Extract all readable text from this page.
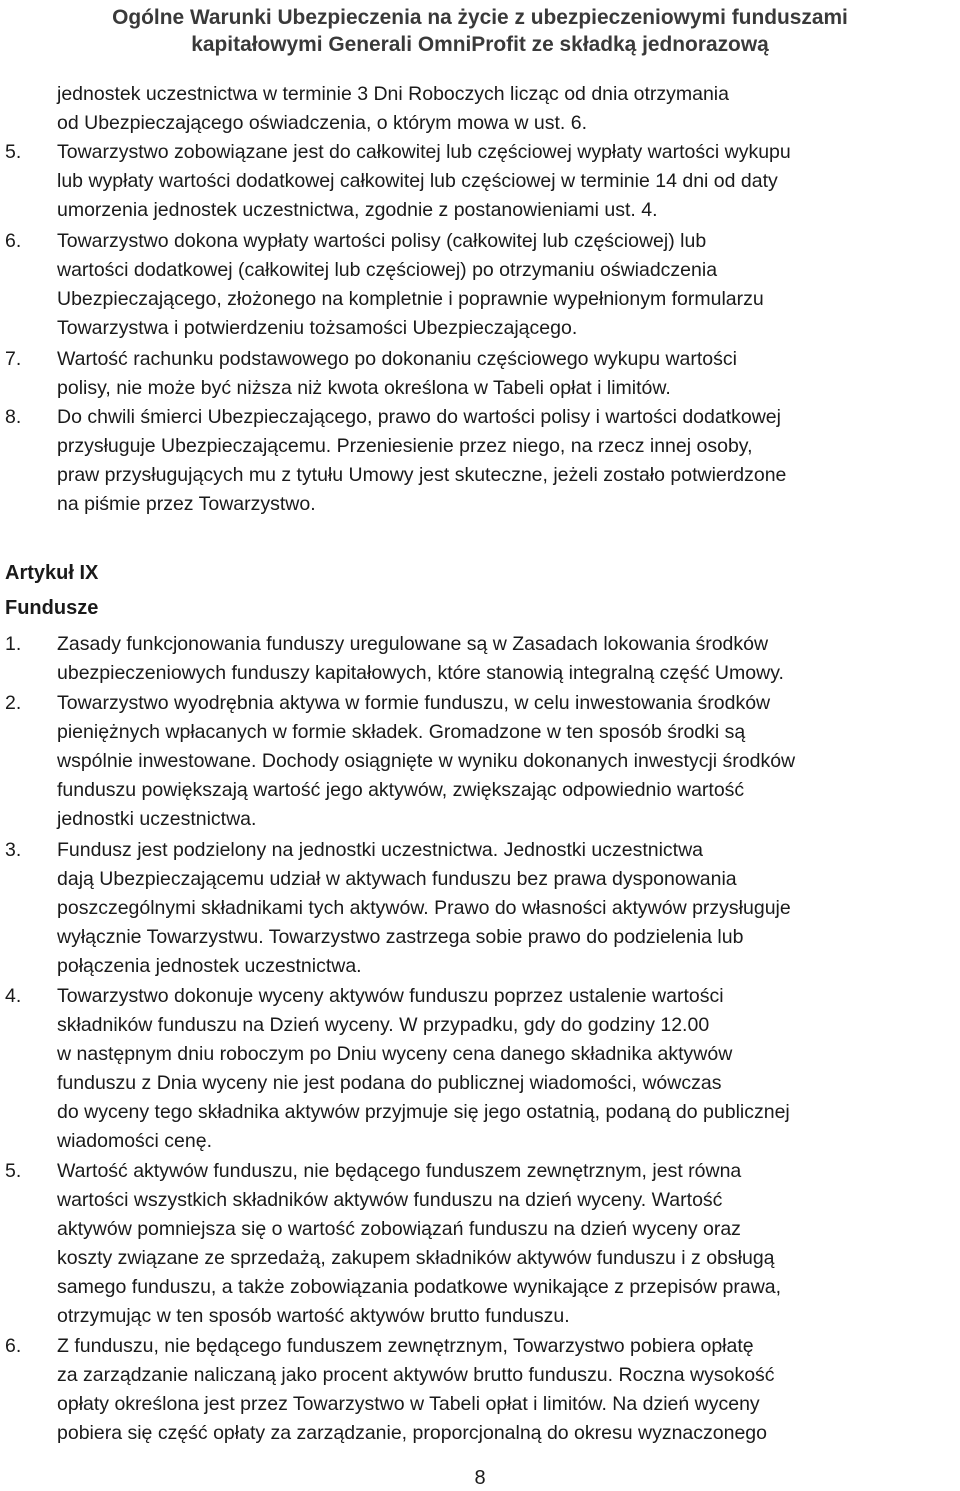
Ogólne Warunki Ubezpieczenia na życie z ubezpieczeniowymi funduszami
kapitałowymi Generali OmniProfit ze składką jednorazową
jednostek uczestnictwa w terminie 3 Dni Roboczych licząc od dnia otrzymania
od Ubezpieczającego oświadczenia, o którym mowa w ust. 6.
5. Towarzystwo zobowiązane jest do całkowitej lub częściowej wypłaty wartości wykupu
lub wypłaty wartości dodatkowej całkowitej lub częściowej w terminie 14 dni od daty
umorzenia jednostek uczestnictwa, zgodnie z postanowieniami ust. 4.
6. Towarzystwo dokona wypłaty wartości polisy (całkowitej lub częściowej) lub
wartości dodatkowej (całkowitej lub częściowej) po otrzymaniu oświadczenia
Ubezpieczającego, złożonego na kompletnie i poprawnie wypełnionym formularzu
Towarzystwa i potwierdzeniu tożsamości Ubezpieczającego.
7. Wartość rachunku podstawowego po dokonaniu częściowego wykupu wartości
polisy, nie może być niższa niż kwota określona w Tabeli opłat i limitów.
8. Do chwili śmierci Ubezpieczającego, prawo do wartości polisy i wartości dodatkowej
przysługuje Ubezpieczającemu. Przeniesienie przez niego, na rzecz innej osoby,
praw przysługujących mu z tytułu Umowy jest skuteczne, jeżeli zostało potwierdzone
na piśmie przez Towarzystwo.
Artykuł IX
Fundusze
1. Zasady funkcjonowania funduszy uregulowane są w Zasadach lokowania środków
ubezpieczeniowych funduszy kapitałowych, które stanowią integralną część Umowy.
2. Towarzystwo wyodrębnia aktywa w formie funduszu, w celu inwestowania środków
pieniężnych wpłacanych w formie składek. Gromadzone w ten sposób środki są
wspólnie inwestowane. Dochody osiągnięte w wyniku dokonanych inwestycji środków
funduszu powiększają wartość jego aktywów, zwiększając odpowiednio wartość
jednostki uczestnictwa.
3. Fundusz jest podzielony na jednostki uczestnictwa. Jednostki uczestnictwa
dają Ubezpieczającemu udział w aktywach funduszu bez prawa dysponowania
poszczególnymi składnikami tych aktywów. Prawo do własności aktywów przysługuje
wyłącznie Towarzystwu. Towarzystwo zastrzega sobie prawo do podzielenia lub
połączenia jednostek uczestnictwa.
4. Towarzystwo dokonuje wyceny aktywów funduszu poprzez ustalenie wartości
składników funduszu na Dzień wyceny. W przypadku, gdy do godziny 12.00
w następnym dniu roboczym po Dniu wyceny cena danego składnika aktywów
funduszu z Dnia wyceny nie jest podana do publicznej wiadomości, wówczas
do wyceny tego składnika aktywów przyjmuje się jego ostatnią, podaną do publicznej
wiadomości cenę.
5. Wartość aktywów funduszu, nie będącego funduszem zewnętrznym, jest równa
wartości wszystkich składników aktywów funduszu na dzień wyceny. Wartość
aktywów pomniejsza się o wartość zobowiązań funduszu na dzień wyceny oraz
koszty związane ze sprzedażą, zakupem składników aktywów funduszu i z obsługą
samego funduszu, a także zobowiązania podatkowe wynikające z przepisów prawa,
otrzymując w ten sposób wartość aktywów brutto funduszu.
6. Z funduszu, nie będącego funduszem zewnętrznym, Towarzystwo pobiera opłatę
za zarządzanie naliczaną jako procent aktywów brutto funduszu. Roczna wysokość
opłaty określona jest przez Towarzystwo w Tabeli opłat i limitów. Na dzień wyceny
pobiera się część opłaty za zarządzanie, proporcjonalną do okresu wyznaczonego
8
